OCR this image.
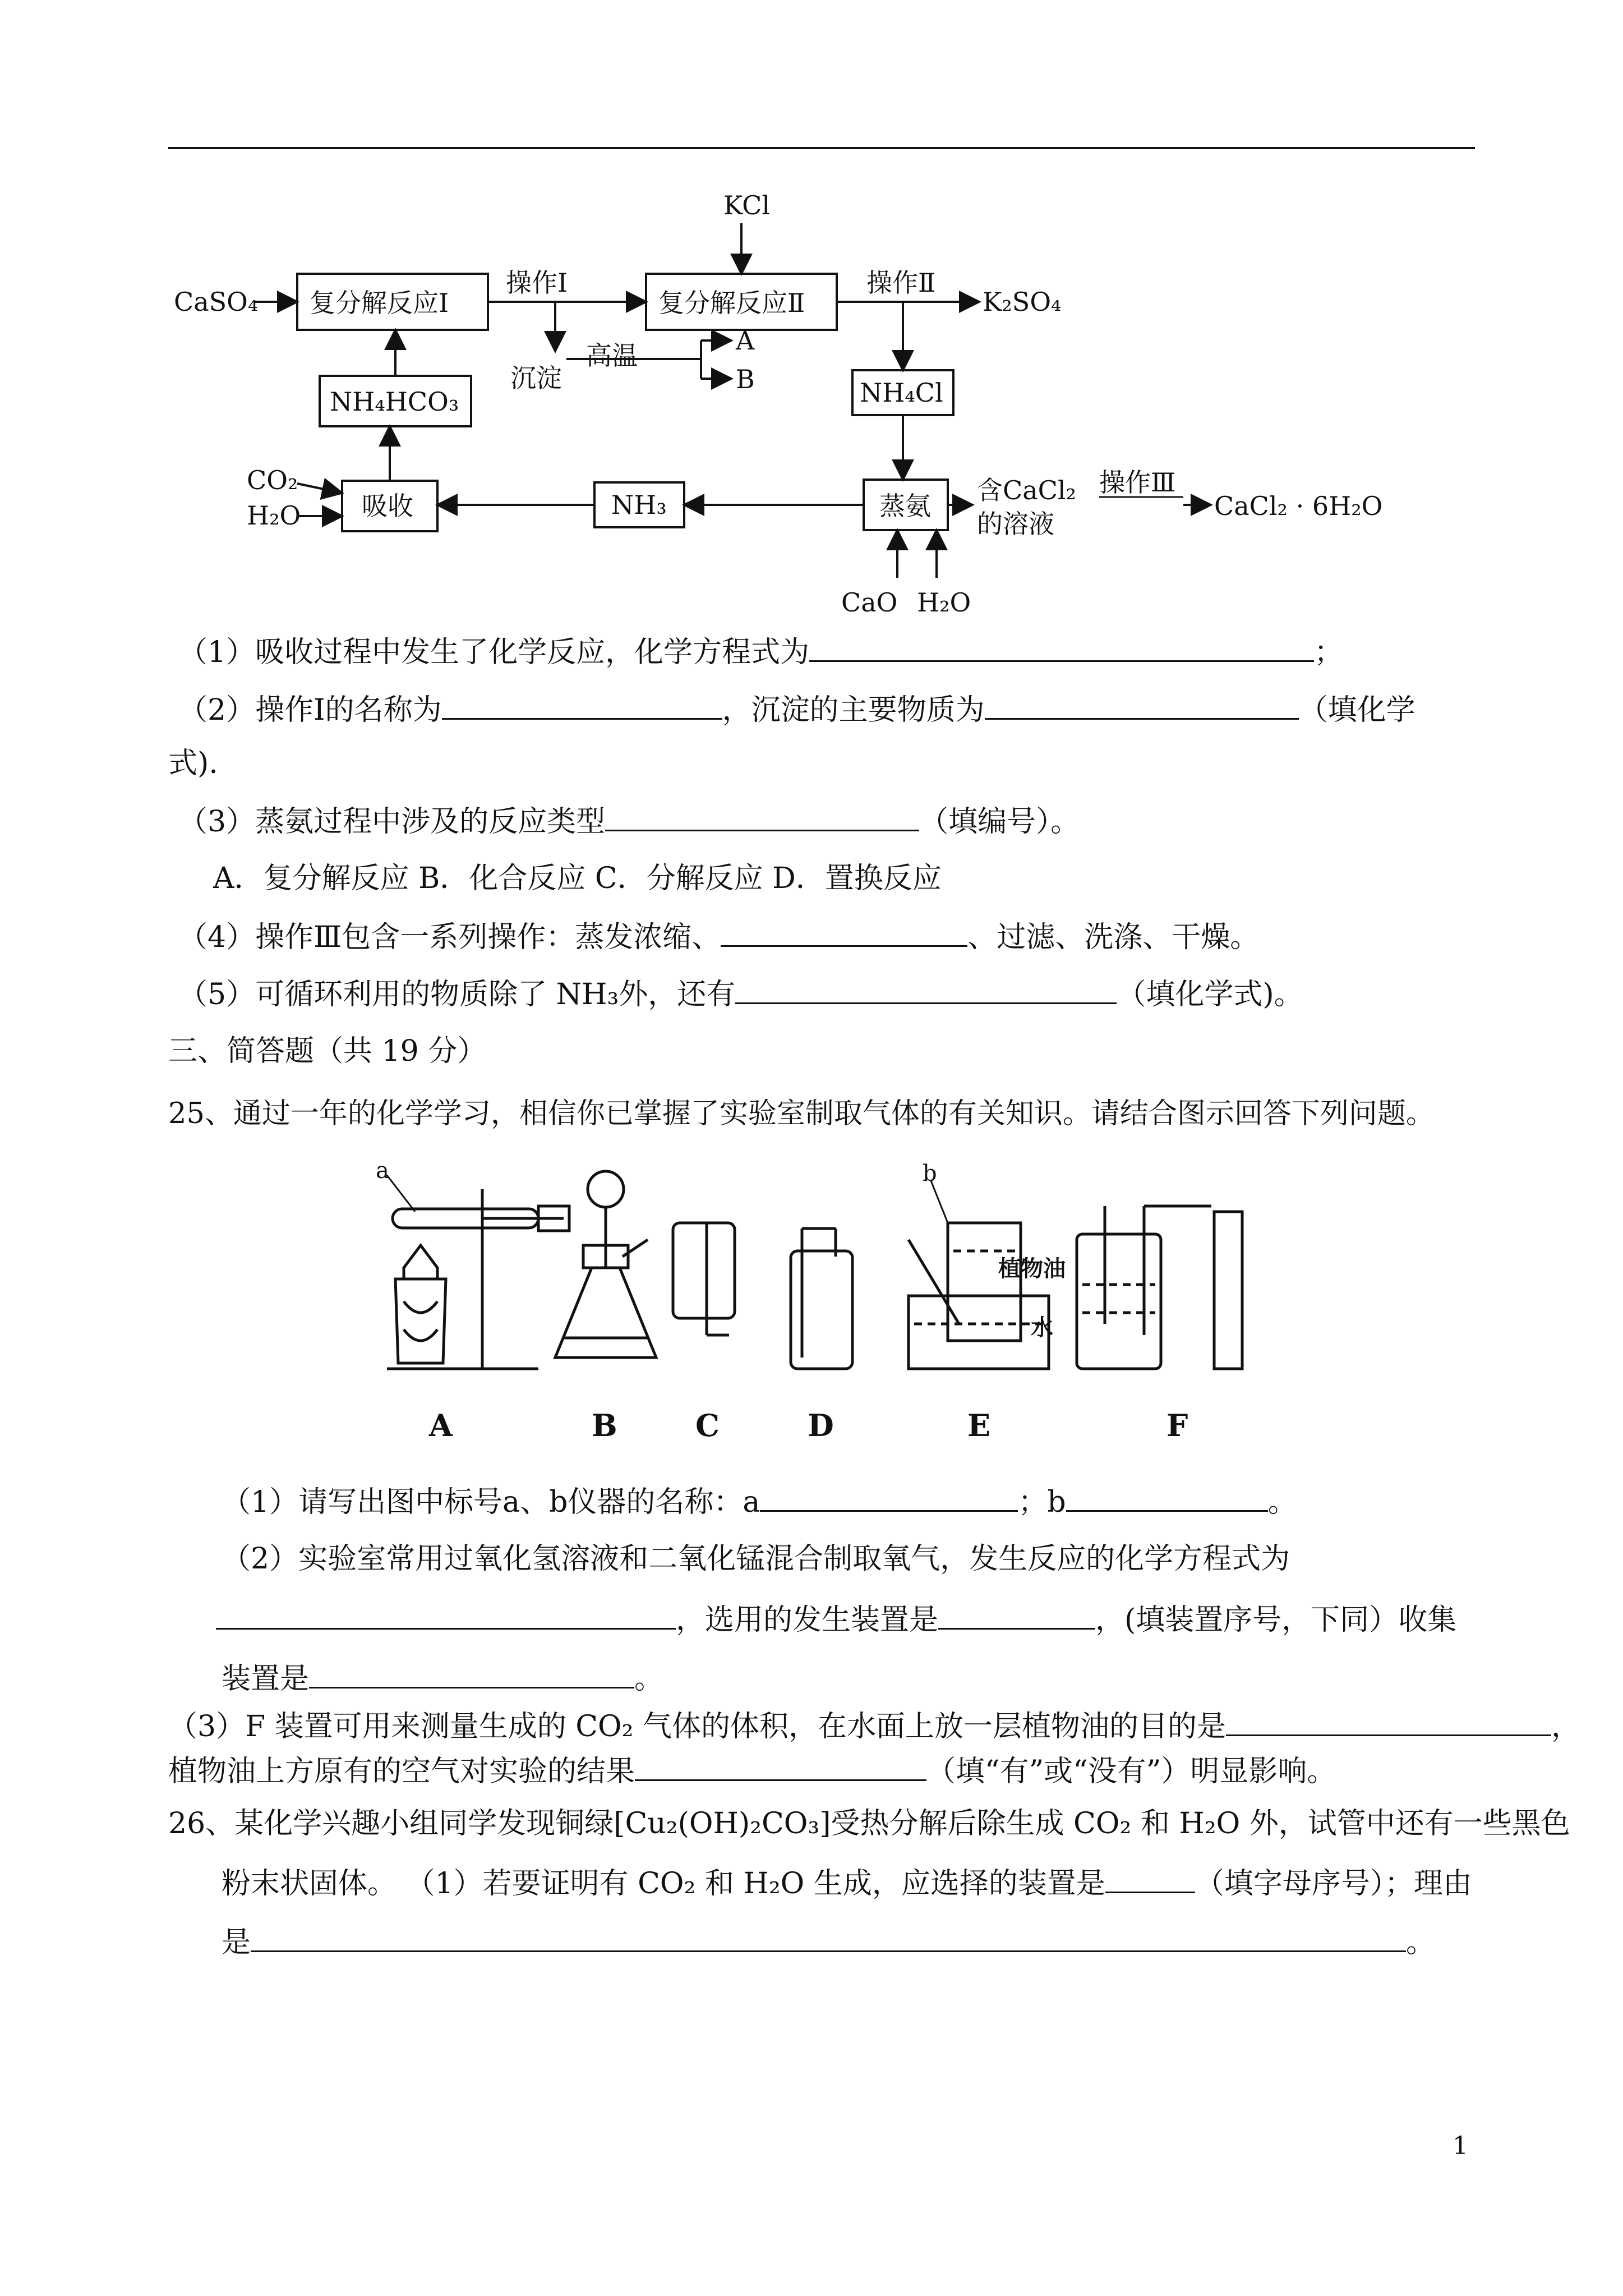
CaSO₄ 复分解反应Ⅰ
操作Ⅰ
KCl
复分解反应Ⅱ
操作Ⅱ
K₂SO₄
NH₄HCO₃
沉淀
高温	A
B	NH₄Cl
CO₂
H₂O 吸收	NH₃	蒸氨
含CaCl₂
的溶液
操作Ⅲ
CaCl₂ · 6H₂O
CaO H₂O
（1）吸收过程中发生了化学反应，化学方程式为	；
（2）操作Ⅰ的名称为	，沉淀的主要物质为	（填化学
式).
（3）蒸氨过程中涉及的反应类型	（填编号）。
A．复分解反应 B．化合反应 C．分解反应 D．置换反应
（4）操作Ⅲ包含一系列操作：蒸发浓缩、	、过滤、洗涤、干燥。
（5）可循环利用的物质除了 NH₃外，还有	（填化学式)。
三、简答题（共 19 分）
25、通过一年的化学学习，相信你已掌握了实验室制取气体的有关知识。请结合图示回答下列问题。
A	B	C	D	E	F
a	b
植物油
水
（1）请写出图中标号a、b仪器的名称：a	；b	。
（2）实验室常用过氧化氢溶液和二氧化锰混合制取氧气，发生反应的化学方程式为
，选用的发生装置是	，(填装置序号，下同）收集
装置是	。
（3）F 装置可用来测量生成的 CO₂ 气体的体积，在水面上放一层植物油的目的是	，
植物油上方原有的空气对实验的结果	（填“有”或“没有”）明显影响。
26、某化学兴趣小组同学发现铜绿[Cu₂(OH)₂CO₃]受热分解后除生成 CO₂ 和 H₂O 外，试管中还有一些黑色
粉末状固体。 （1）若要证明有 CO₂ 和 H₂O 生成，应选择的装置是	（填字母序号）；理由
是	。
1
